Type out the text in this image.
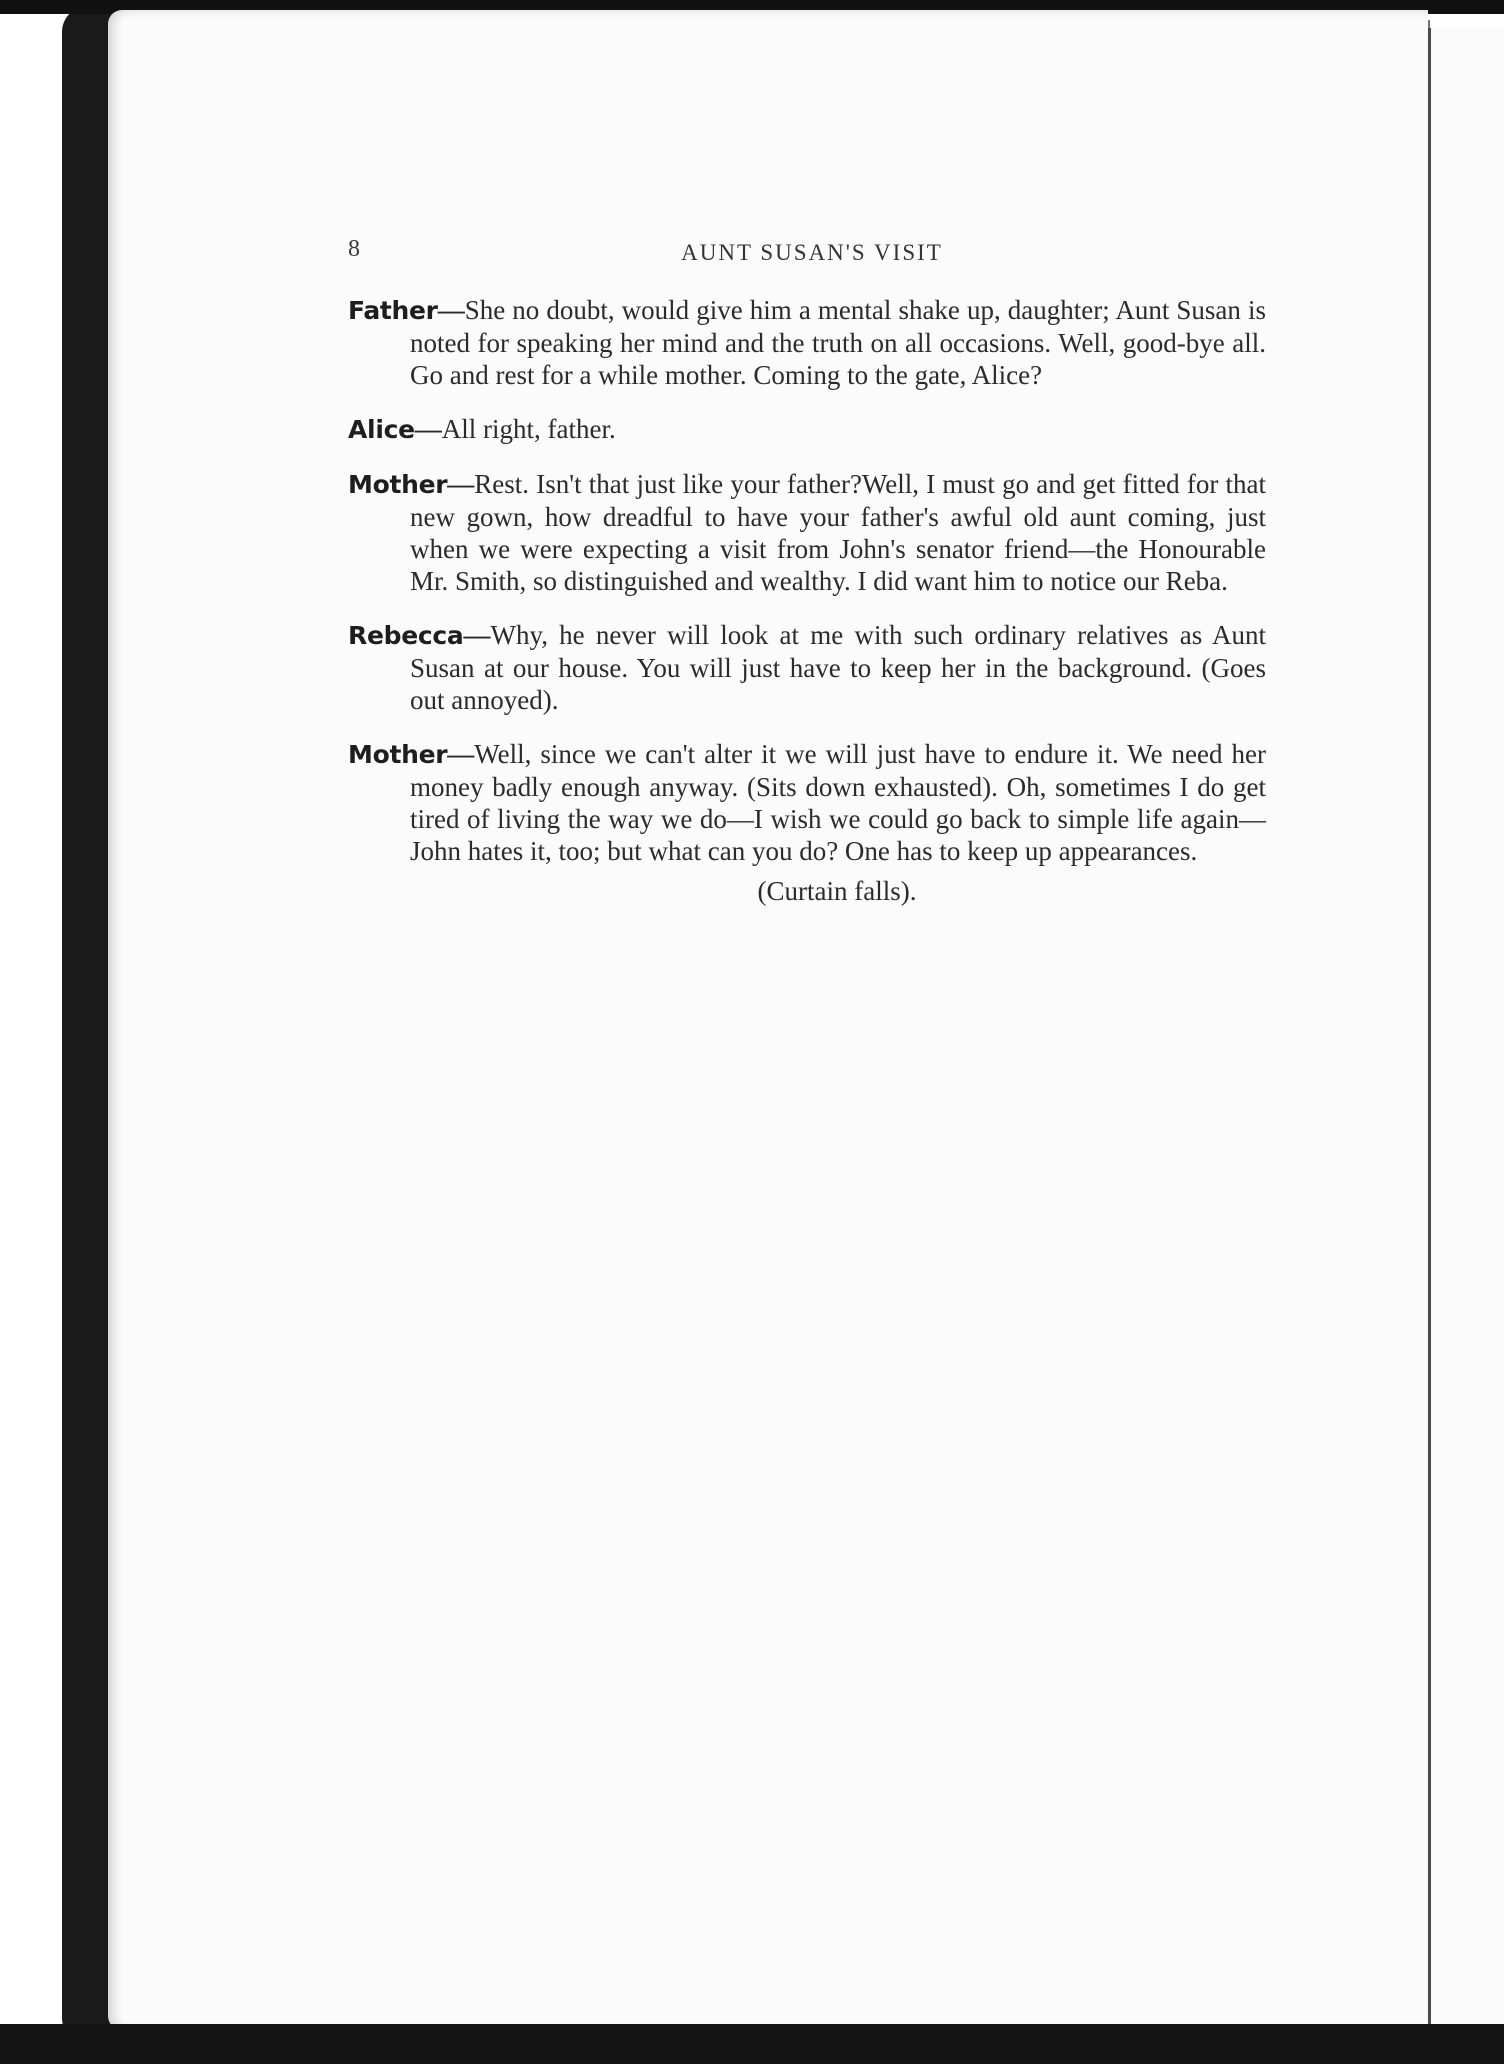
8	AUNT SUSAN'S VISIT

Father—She no doubt, would give him a mental shake up, daughter; Aunt Susan is noted for speaking her mind and the truth on all occasions. Well, good-bye all. Go and rest for a while mother. Coming to the gate, Alice?

Alice—All right, father.

Mother—Rest. Isn't that just like your father?Well, I must go and get fitted for that new gown, how dreadful to have your father's awful old aunt coming, just when we were expecting a visit from John's senator friend—the Honourable Mr. Smith, so distinguished and wealthy. I did want him to notice our Reba.

Rebecca—Why, he never will look at me with such ordinary relatives as Aunt Susan at our house. You will just have to keep her in the background. (Goes out annoyed).

Mother—Well, since we can't alter it we will just have to endure it. We need her money badly enough anyway. (Sits down exhausted). Oh, sometimes I do get tired of living the way we do—I wish we could go back to simple life again—John hates it, too; but what can you do? One has to keep up appearances.

(Curtain falls).
